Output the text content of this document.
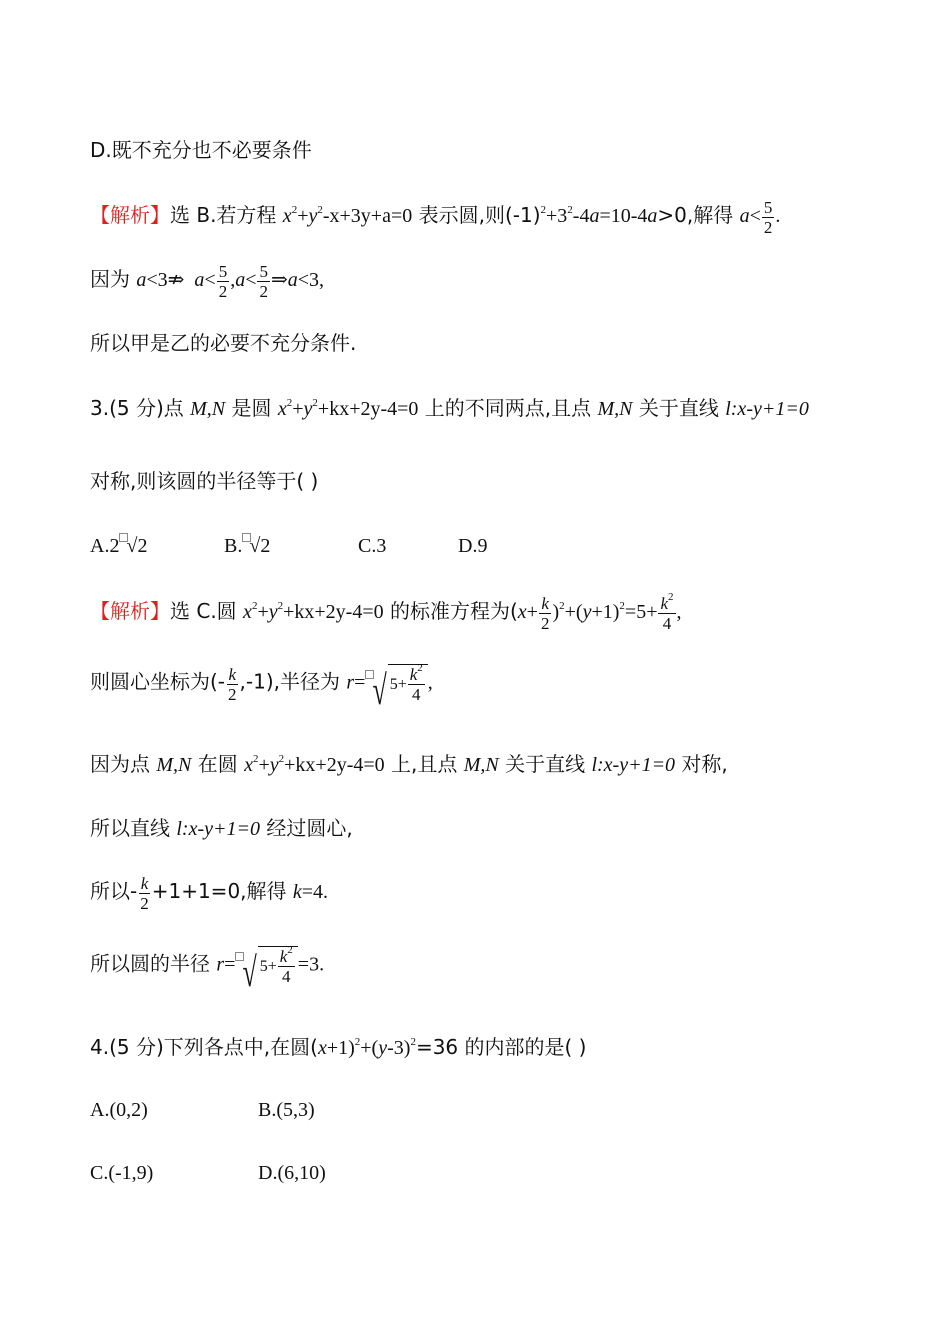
D.既不充分也不必要条件
【解析】选 B.若方程 $x^2+y^2-x+3y+a=0$ 表示圆,则$(-1)^2+3^2-4a=10-4a>0$,解得 $a< \frac{5}{2}$ .
因为 a<3⇏ $a< \frac{5}{2} ,a< \frac{5}{2}$ ⇒a<3,
所以甲是乙的必要不充分条件.
3.(5 分)点 M,N 是圆 $x^2+y^2+kx+2y-4=0$ 上的不同两点,且点 M,N 关于直线 l:x-y+1=0
对称,则该圆的半径等于( )
A.2 √2	B. √2	C.3	D.9
【解析】选 C.圆 $x^2+y^2+kx+2y-4=0$ 的标准方程为$(x+ \frac{k}{2} )^2+(y+1)^2=5+ \frac{k^2}{4}$ ,
则圆心坐标为(- $\frac{k}{2} ,-1$),半径为 r= √ $5+ \frac{k^2}{4}$ ,
因为点 M,N 在圆 $x^2+y^2+kx+2y-4=0$ 上,且点 M,N 关于直线 l:x-y+1=0 对称,
所以直线 l:x-y+1=0 经过圆心,
所以- $\frac{k}{2} +1+1=0$,解得 k=4.
所以圆的半径 r= √ $5+ \frac{k^2}{4} =3$.
4.(5 分)下列各点中,在圆$(x+1)^2+(y-3)^2=36$ 的内部的是( )
A.(0,2)	B.(5,3)
C.(-1,9)	D.(6,10)
